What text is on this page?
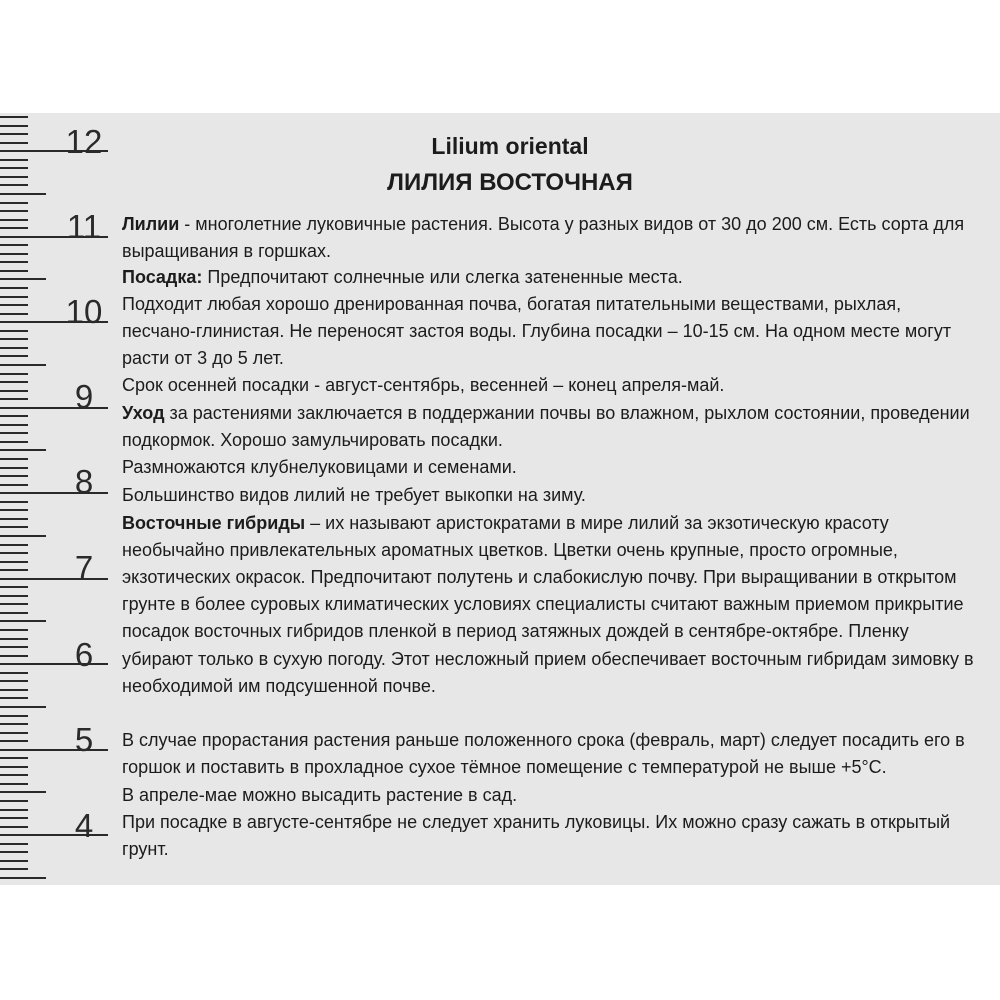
12
11
10
9
8
7
6
5
4
Lilium oriental
ЛИЛИЯ ВОСТОЧНАЯ
Лилии - многолетние луковичные растения. Высота у разных видов от 30 до 200 см. Есть сорта для
выращивания в горшках.
Посадка: Предпочитают солнечные или слегка затененные места.
Подходит любая хорошо дренированная почва, богатая питательными веществами, рыхлая,
песчано-глинистая. Не переносят застоя воды. Глубина посадки – 10-15 см. На одном месте могут
расти от 3 до 5 лет.
Срок осенней посадки - август-сентябрь, весенней – конец апреля-май.
Уход за растениями заключается в поддержании почвы во влажном, рыхлом состоянии, проведении
подкормок. Хорошо замульчировать посадки.
Размножаются клубнелуковицами и семенами.
Большинство видов лилий не требует выкопки на зиму.
Восточные гибриды – их называют аристократами в мире лилий за экзотическую красоту
необычайно привлекательных ароматных цветков. Цветки очень крупные, просто огромные,
экзотических окрасок. Предпочитают полутень и слабокислую почву. При выращивании в открытом
грунте в более суровых климатических условиях специалисты считают важным приемом прикрытие
посадок восточных гибридов пленкой в период затяжных дождей в сентябре-октябре. Пленку
убирают только в сухую погоду. Этот несложный прием обеспечивает восточным гибридам зимовку в
необходимой им подсушенной почве.
В случае прорастания растения раньше положенного срока (февраль, март) следует посадить его в
горшок и поставить в прохладное сухое тёмное помещение с температурой не выше +5°С.
В апреле-мае можно высадить растение в сад.
При посадке в августе-сентябре не следует хранить луковицы. Их можно сразу сажать в открытый
грунт.
